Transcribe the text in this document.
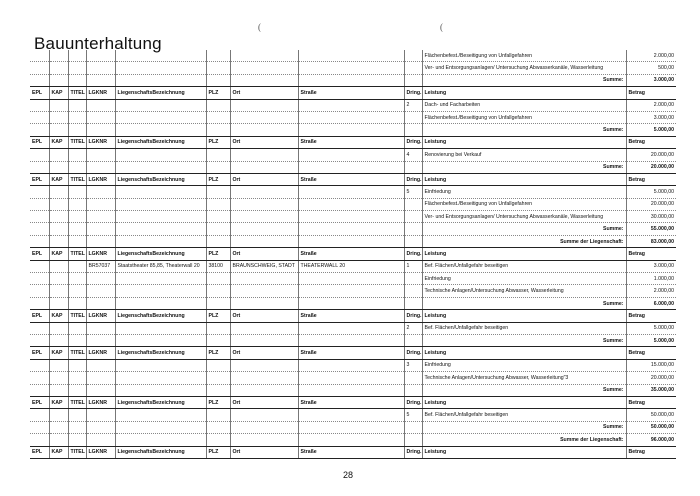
Bauunterhaltung
(	(
									Flächenbefest./Beseitigung von Unfallgefahren	2.000,00
									Ver- und Entsorgungsanlagen/ Untersuchung Abwasserkanäle, Wasserleitung	500,00
									Summe:	3.000,00
EPL	KAP	TITEL	LGKNR	LiegenschaftsBezeichnung	PLZ	Ort	Straße	Dring.	Leistung	Betrag
								2	Dach- und Facharbeiten	2.000,00
									Flächenbefest./Beseitigung von Unfallgefahren	3.000,00
									Summe:	5.000,00
EPL	KAP	TITEL	LGKNR	LiegenschaftsBezeichnung	PLZ	Ort	Straße	Dring.	Leistung	Betrag
								4	Renovierung bei Verkauf	20.000,00
									Summe:	20.000,00
EPL	KAP	TITEL	LGKNR	LiegenschaftsBezeichnung	PLZ	Ort	Straße	Dring.	Leistung	Betrag
								5	Einfriedung	5.000,00
									Flächenbefest./Beseitigung von Unfallgefahren	20.000,00
									Ver- und Entsorgungsanlagen/ Untersuchung Abwasserkanäle, Wasserleitung	30.000,00
									Summe:	55.000,00
									Summe der Liegenschaft:	83.000,00
EPL	KAP	TITEL	LGKNR	LiegenschaftsBezeichnung	PLZ	Ort	Straße	Dring.	Leistung	Betrag
			BR57037	Staatstheater 85,85, Theaterwall 20	38100	BRAUNSCHWEIG, STADT	THEATERWALL 20	1	Bef. Flächen/Unfallgefahr beseitigen	3.000,00
									Einfriedung	1.000,00
									Technische Anlagen/Untersuchung Abwasser, Wasserleitung	2.000,00
									Summe:	6.000,00
EPL	KAP	TITEL	LGKNR	LiegenschaftsBezeichnung	PLZ	Ort	Straße	Dring.	Leistung	Betrag
								2	Bef. Flächen/Unfallgefahr beseitigen	5.000,00
									Summe:	5.000,00
EPL	KAP	TITEL	LGKNR	LiegenschaftsBezeichnung	PLZ	Ort	Straße	Dring.	Leistung	Betrag
								3	Einfriedung	15.000,00
									Technische Anlagen/Untersuchung Abwasser, Wasserleitung"3	20.000,00
									Summe:	35.000,00
EPL	KAP	TITEL	LGKNR	LiegenschaftsBezeichnung	PLZ	Ort	Straße	Dring.	Leistung	Betrag
								5	Bef. Flächen/Unfallgefahr beseitigen	50.000,00
									Summe:	50.000,00
									Summe der Liegenschaft:	96.000,00
EPL	KAP	TITEL	LGKNR	LiegenschaftsBezeichnung	PLZ	Ort	Straße	Dring.	Leistung	Betrag
28
